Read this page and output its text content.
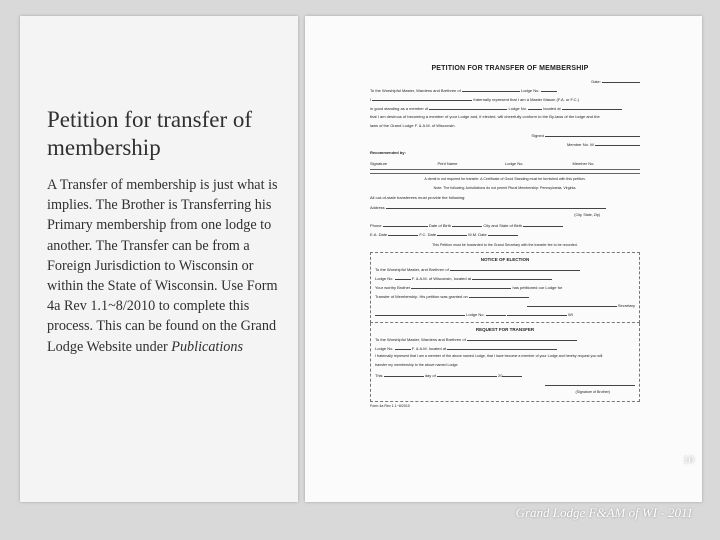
Petition for transfer of membership
A Transfer of membership is just what is implies. The Brother is Transferring his Primary membership from one lodge to another. The Transfer can be from a Foreign Jurisdiction to Wisconsin or within the State of Wisconsin. Use Form 4a Rev 1.1~8/2010 to complete this process. This can be found on the Grand Lodge Website under Publications
PETITION FOR TRANSFER OF MEMBERSHIP
Date:
To the Worshipful Master, Wardens and Brethren of	Lodge No.
I	fraternally represent that I am a Master Mason (F.A. or F.C.)
in good standing as a member of	Lodge No.	located at
that I am desirous of becoming a member of your Lodge and, if elected, will cheerfully conform to the By-laws of the lodge and the
laws of the Grand Lodge F. & A.M. of Wisconsin.
Signed
Member No. W
Recommended by:
Signature	Print Name	Lodge No.	Member No.
A demit is not required for transfer. A Certificate of Good Standing must be furnished with this petition.
Note: The following Jurisdictions do not permit Plural Membership: Pennsylvania, Virginia.
All out-of-state transferees must provide the following:
Address
(City, State, Zip)
Phone	Date of Birth	City and State of Birth
E.A. Date	F.C. Date	M.M. Date
This Petition must be forwarded to the Grand Secretary with the transfer fee to be recorded.
NOTICE OF ELECTION
To the Worshipful Master, and Brethren of
Lodge No.	F. & A.M. of Wisconsin, located at
Your worthy Brother	has petitioned our Lodge for
Transfer of Membership. His petition was granted on
Secretary
Lodge No.	WI
REQUEST FOR TRANSFER
To the Worshipful Master, Wardens and Brethren of
Lodge No.	F. & A.M. located at
I fraternally represent that I am a member of the above named Lodge, that I have become a member of your Lodge and hereby request you will
transfer my membership to the above named Lodge.
This	day of	20
(Signature of Brother)
Form 4a Rev 1.1~8/2010
10
Grand Lodge F&AM of WI - 2011
